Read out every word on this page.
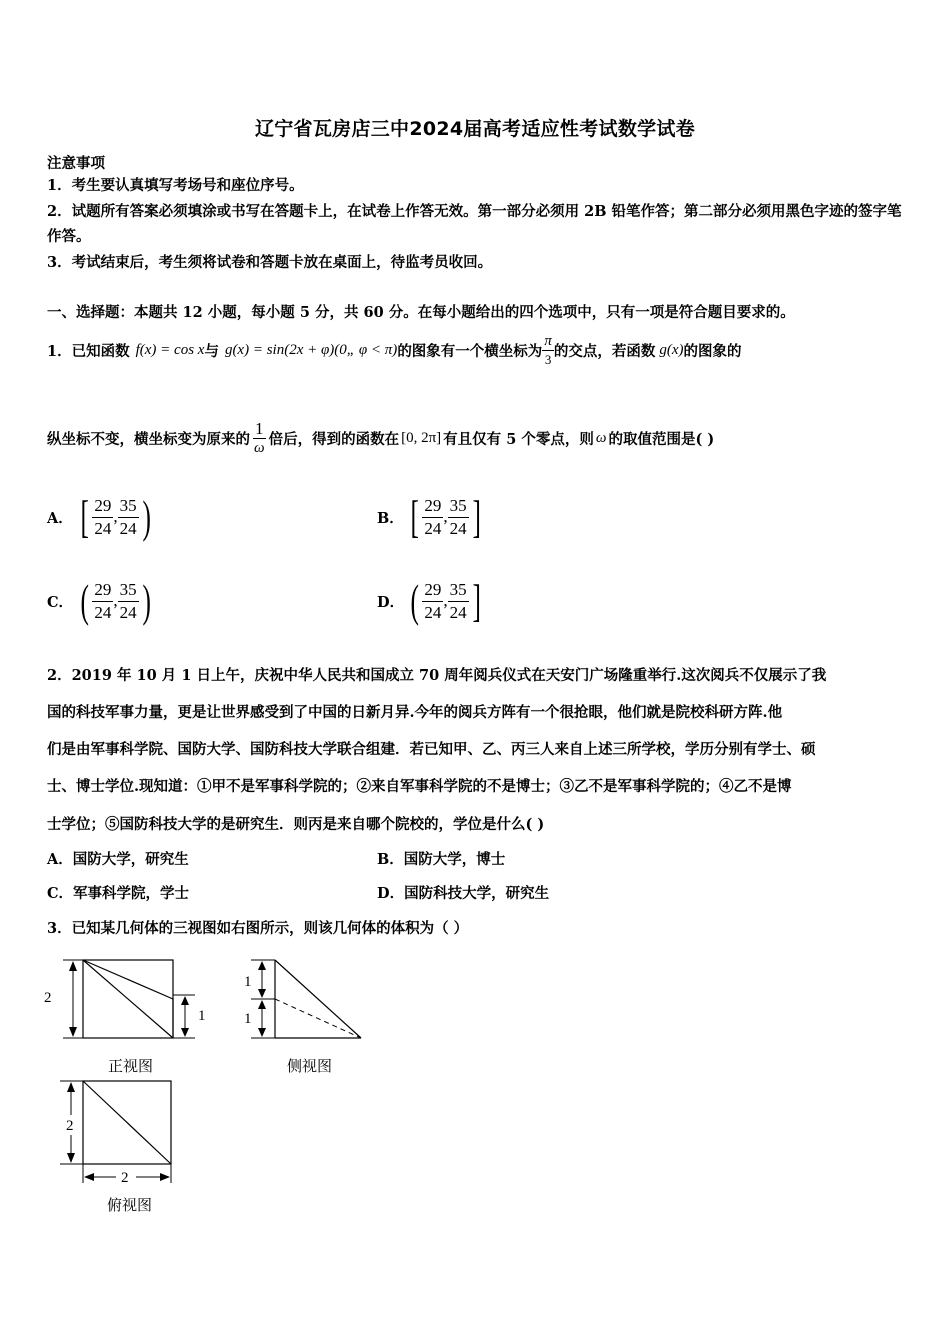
辽宁省瓦房店三中2024届高考适应性考试数学试卷
注意事项
1．考生要认真填写考场号和座位序号。
2．试题所有答案必须填涂或书写在答题卡上，在试卷上作答无效。第一部分必须用 2B 铅笔作答；第二部分必须用黑色字迹的签字笔作答。
3．考试结束后，考生须将试卷和答题卡放在桌面上，待监考员收回。
一、选择题：本题共 12 小题，每小题 5 分，共 60 分。在每小题给出的四个选项中，只有一项是符合题目要求的。
1．已知函数 f(x) = cos x 与 g(x) = sin(2x + φ)(0„ φ < π) 的图象有一个横坐标为 $\frac{\pi}{3}$ 的交点，若函数 g(x) 的图象的
纵坐标不变，横坐标变为原来的 $\frac{1}{\omega}$ 倍后，得到的函数在 [0, 2π] 有且仅有 5 个零点，则 ω 的取值范围是( )
A． [ $\frac{29}{24}$ , $\frac{35}{24}$ )	B． [ $\frac{29}{24}$ , $\frac{35}{24}$ ]
C． ( $\frac{29}{24}$ , $\frac{35}{24}$ )	D． ( $\frac{29}{24}$ , $\frac{35}{24}$ ]
2．2019 年 10 月 1 日上午，庆祝中华人民共和国成立 70 周年阅兵仪式在天安门广场隆重举行.这次阅兵不仅展示了我
国的科技军事力量，更是让世界感受到了中国的日新月异.今年的阅兵方阵有一个很抢眼，他们就是院校科研方阵.他
们是由军事科学院、国防大学、国防科技大学联合组建．若已知甲、乙、丙三人来自上述三所学校，学历分别有学士、硕
士、博士学位.现知道：①甲不是军事科学院的；②来自军事科学院的不是博士；③乙不是军事科学院的；④乙不是博
士学位；⑤国防科技大学的是研究生．则丙是来自哪个院校的，学位是什么( )
A．国防大学，研究生	B．国防大学，博士
C．军事科学院，学士	D．国防科技大学，研究生
3．已知某几何体的三视图如右图所示，则该几何体的体积为（ ）
2
1
正视图
1
1
侧视图
2
2
俯视图
